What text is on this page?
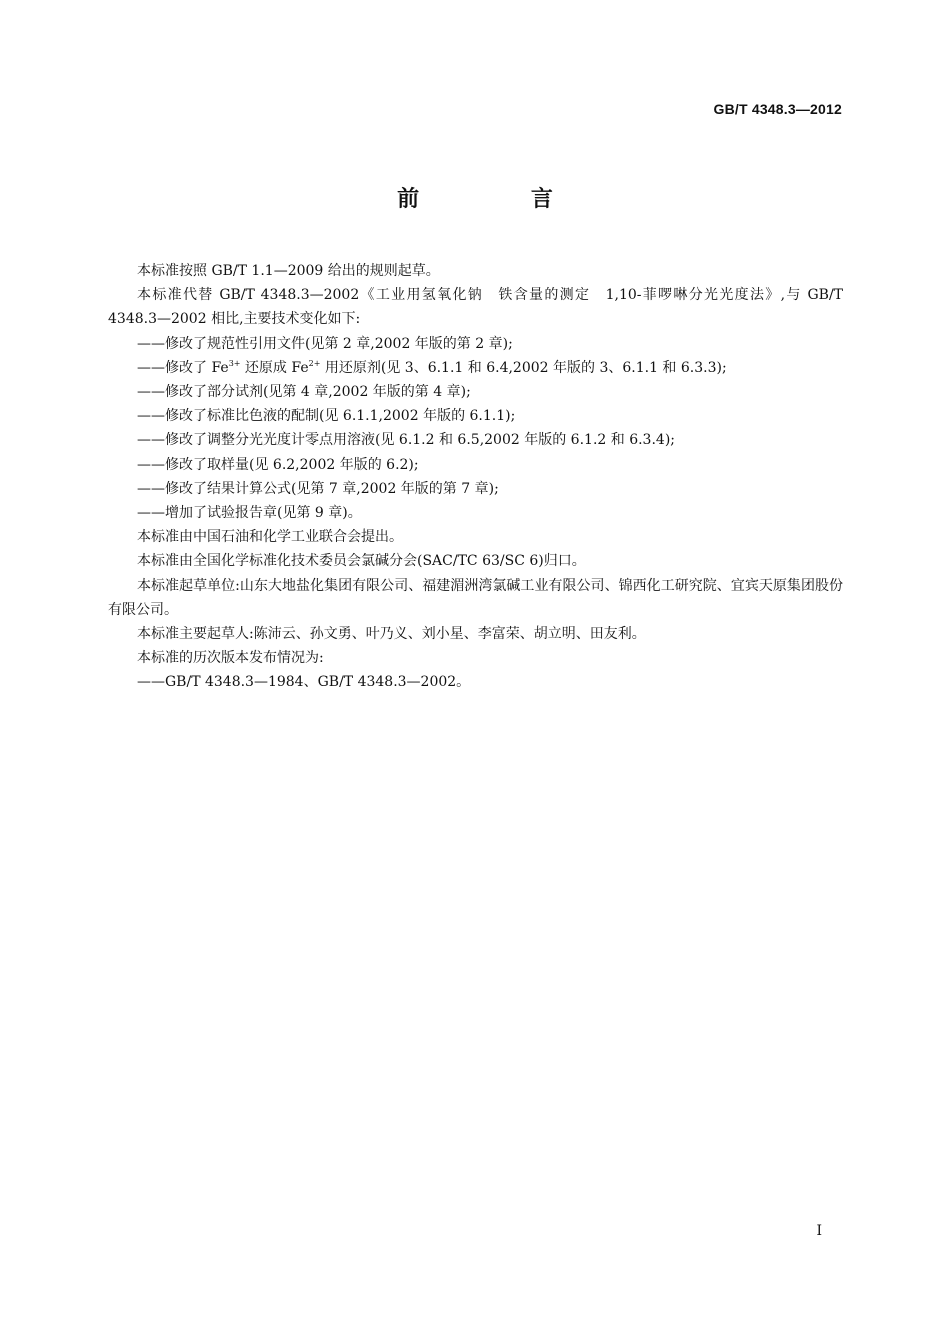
GB/T 4348.3—2012
前 言

本标准按照 GB/T 1.1—2009 给出的规则起草。

本标准代替 GB/T 4348.3—2002《工业用氢氧化钠　铁含量的测定　1,10-菲啰啉分光光度法》,与 GB/T 4348.3—2002 相比,主要技术变化如下:

——修改了规范性引用文件(见第 2 章,2002 年版的第 2 章);

——修改了 $Fe^{3+}$ 还原成 $Fe^{2+}$ 用还原剂(见 3、6.1.1 和 6.4,2002 年版的 3、6.1.1 和 6.3.3);

——修改了部分试剂(见第 4 章,2002 年版的第 4 章);

——修改了标准比色液的配制(见 6.1.1,2002 年版的 6.1.1);

——修改了调整分光光度计零点用溶液(见 6.1.2 和 6.5,2002 年版的 6.1.2 和 6.3.4);

——修改了取样量(见 6.2,2002 年版的 6.2);

——修改了结果计算公式(见第 7 章,2002 年版的第 7 章);

——增加了试验报告章(见第 9 章)。

本标准由中国石油和化学工业联合会提出。

本标准由全国化学标准化技术委员会氯碱分会(SAC/TC 63/SC 6)归口。

本标准起草单位:山东大地盐化集团有限公司、福建湄洲湾氯碱工业有限公司、锦西化工研究院、宜宾天原集团股份有限公司。

本标准主要起草人:陈沛云、孙文勇、叶乃义、刘小星、李富荣、胡立明、田友利。

本标准的历次版本发布情况为:

——GB/T 4348.3—1984、GB/T 4348.3—2002。

I
